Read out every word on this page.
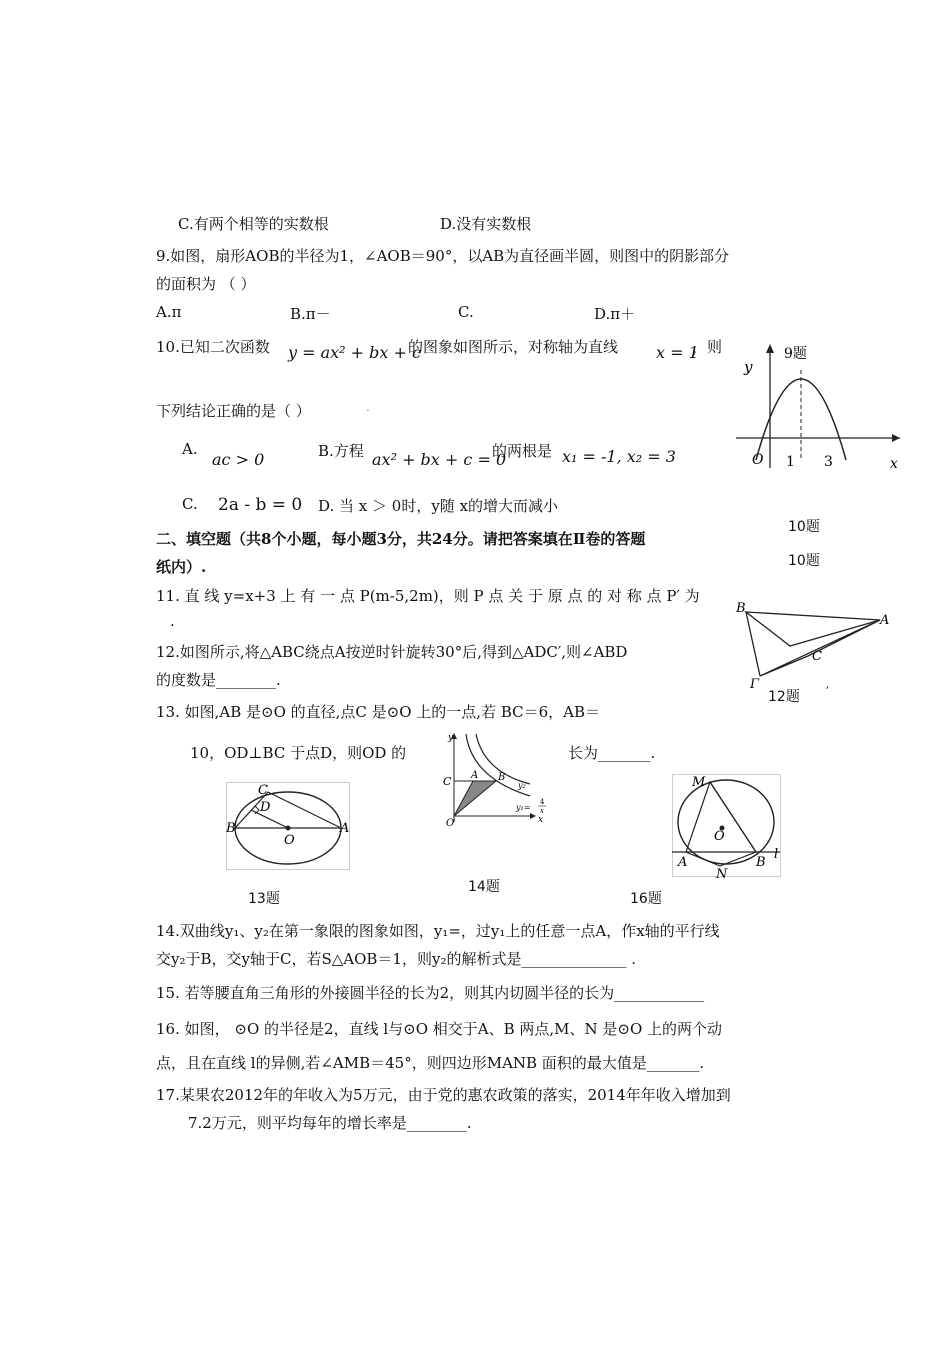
C.有两个相等的实数根	D.没有实数根
9.如图，扇形AOB的半径为1，∠AOB＝90°，以AB为直径画半圆，则图中的阴影部分
的面积为 （ ）
A.π	B.π－	C.	D.π＋
10.已知二次函数 y = ax² + bx + c
的图象如图所示，对称轴为直线 x = 1
，则
下列结论正确的是（ ）	.
A.
ac > 0	B.方程 ax² + bx + c = 0
的两根是 x₁ = -1, x₂ = 3
C. 2a - b = 0 D. 当 x ＞ 0时，y随 x的增大而减小
9题
y
O 1 3	x
10题
10题
二、填空题（共8个小题，每小题3分，共24分。请把答案填在Ⅱ卷的答题
纸内）.
11. 直 线 y=x+3 上 有 一 点 P(m-5,2m)，则 P 点 关 于 原 点 的 对 称 点 P′ 为
.
12.如图所示,将△ABC绕点A按逆时针旋转30°后,得到△ADC′,则∠ABD
的度数是________.
B
A
C
Γ
′
12题
13. 如图,AB 是⊙O 的直径,点C 是⊙O 上的一点,若 BC＝6，AB＝
10，OD⊥BC 于点D，则OD 的	长为_______.
C
D
B
O
A
13题
y
C A B
O	x
y₂
y₁=
4
x
14题
M
O
A	B
N
l
16题
14.双曲线y₁、y₂在第一象限的图象如图，y₁=，过y₁上的任意一点A，作x轴的平行线
交y₂于B，交y轴于C，若S△AOB＝1，则y₂的解析式是______________ .
15. 若等腰直角三角形的外接圆半径的长为2，则其内切圆半径的长为____________
16. 如图， ⊙O 的半径是2，直线 l与⊙O 相交于A、B 两点,M、N 是⊙O 上的两个动
点，且在直线 l的异侧,若∠AMB＝45°，则四边形MANB 面积的最大值是_______.
17.某果农2012年的年收入为5万元，由于党的惠农政策的落实，2014年年收入增加到
7.2万元，则平均每年的增长率是________.
